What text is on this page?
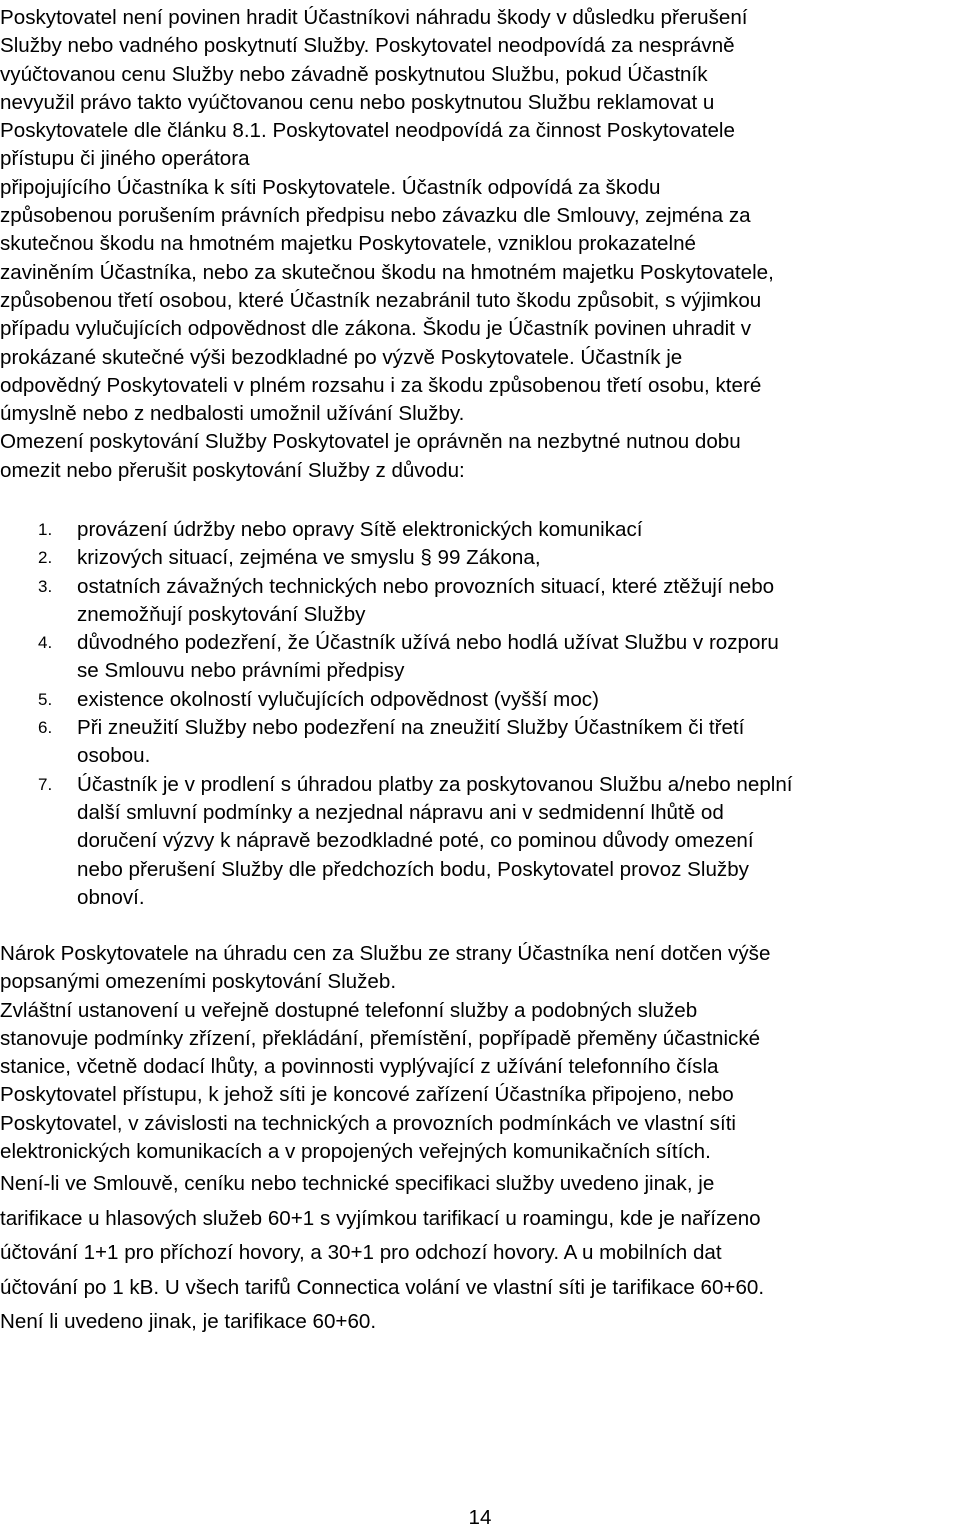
Poskytovatel není povinen hradit Účastníkovi náhradu škody v důsledku přerušení
Služby nebo vadného poskytnutí Služby. Poskytovatel neodpovídá za nesprávně
vyúčtovanou cenu Služby nebo závadně poskytnutou Službu, pokud Účastník
nevyužil právo takto vyúčtovanou cenu nebo poskytnutou Službu reklamovat u
Poskytovatele dle článku 8.1. Poskytovatel neodpovídá za činnost Poskytovatele
přístupu či jiného operátora
připojujícího Účastníka k síti Poskytovatele. Účastník odpovídá za škodu
způsobenou porušením právních předpisu nebo závazku dle Smlouvy, zejména za
skutečnou škodu na hmotném majetku Poskytovatele, vzniklou prokazatelné
zaviněním Účastníka, nebo za skutečnou škodu na hmotném majetku Poskytovatele,
způsobenou třetí osobou, které Účastník nezabránil tuto škodu způsobit, s výjimkou
případu vylučujících odpovědnost dle zákona. Škodu je Účastník povinen uhradit v
prokázané skutečné výši bezodkladné po výzvě Poskytovatele. Účastník je
odpovědný Poskytovateli v plném rozsahu i za škodu způsobenou třetí osobu, které
úmyslně nebo z nedbalosti umožnil užívání Služby.
Omezení poskytování Služby Poskytovatel je oprávněn na nezbytné nutnou dobu
omezit nebo přerušit poskytování Služby z důvodu:
1. provázení údržby nebo opravy Sítě elektronických komunikací
2. krizových situací, zejména ve smyslu § 99 Zákona,
3. ostatních závažných technických nebo provozních situací, které ztěžují nebo
znemožňují poskytování Služby
4. důvodného podezření, že Účastník užívá nebo hodlá užívat Službu v rozporu
se Smlouvu nebo právními předpisy
5. existence okolností vylučujících odpovědnost (vyšší moc)
6. Při zneužití Služby nebo podezření na zneužití Služby Účastníkem či třetí
osobou.
7. Účastník je v prodlení s úhradou platby za poskytovanou Službu a/nebo neplní
další smluvní podmínky a nezjednal nápravu ani v sedmidenní lhůtě od
doručení výzvy k nápravě bezodkladné poté, co pominou důvody omezení
nebo přerušení Služby dle předchozích bodu, Poskytovatel provoz Služby
obnoví.
Nárok Poskytovatele na úhradu cen za Službu ze strany Účastníka není dotčen výše
popsanými omezeními poskytování Služeb.
Zvláštní ustanovení u veřejně dostupné telefonní služby a podobných služeb
stanovuje podmínky zřízení, překládání, přemístění, popřípadě přeměny účastnické
stanice, včetně dodací lhůty, a povinnosti vyplývající z užívání telefonního čísla
Poskytovatel přístupu, k jehož síti je koncové zařízení Účastníka připojeno, nebo
Poskytovatel, v závislosti na technických a provozních podmínkách ve vlastní síti
elektronických komunikacích a v propojených veřejných komunikačních sítích.
Není-li ve Smlouvě, ceníku nebo technické specifikaci služby uvedeno jinak, je
tarifikace u hlasových služeb 60+1 s vyjímkou tarifikací u roamingu, kde je nařízeno
účtování 1+1 pro příchozí hovory, a 30+1 pro odchozí hovory. A u mobilních dat
účtování po 1 kB. U všech tarifů Connectica volání ve vlastní síti je tarifikace 60+60.
Není li uvedeno jinak, je tarifikace 60+60.
14
